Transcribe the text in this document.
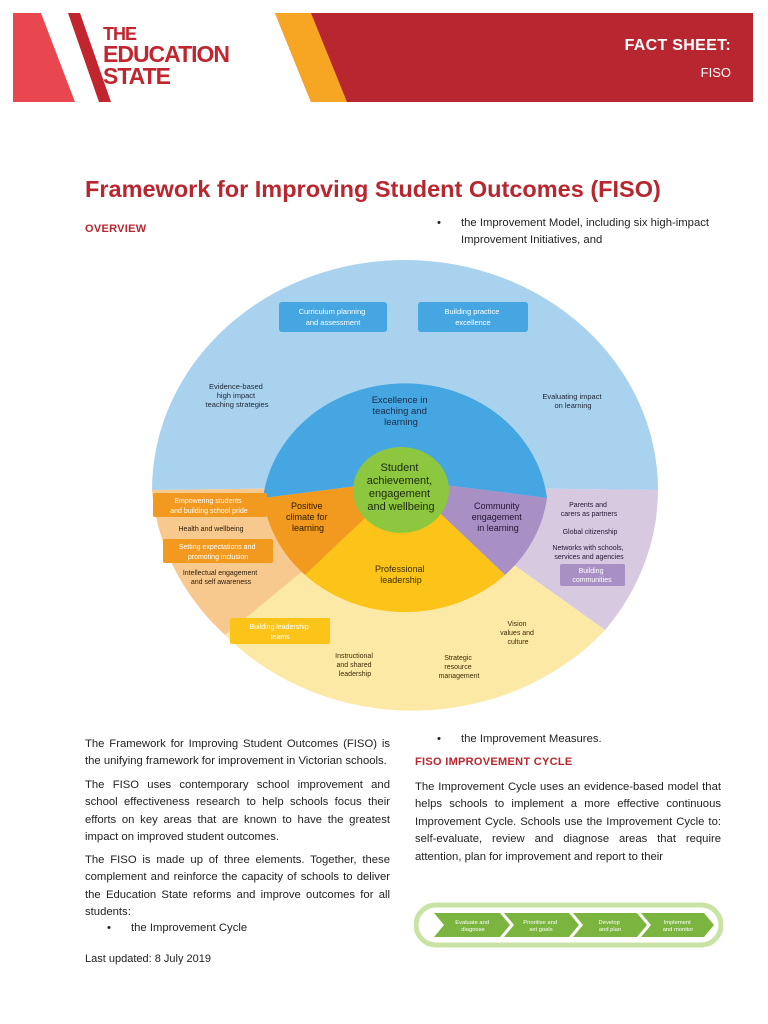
THE
EDUCATION
STATE
FACT SHEET:
FISO
Framework for Improving Student Outcomes (FISO)
OVERVIEW	• the Improvement Model, including six high-impact Improvement Initiatives, and
Student achievement, engagement and wellbeing
Excellence in teaching and learning
Positive climate for learning
Community engagement in learning
Professional leadership
Curriculum planning and assessment
Building practice excellence
Evidence-based high impact teaching strategies
Evaluating impact on learning
Empowering students and building school pride
Health and wellbeing
Setting expectations and promoting inclusion
Intellectual engagement and self awareness
Parents and carers as partners
Global citizenship
Networks with schools, services and agencies
Building communities
Building leadership teams
Instructional and shared leadership
Strategic resource management
Vision values and culture
The Framework for Improving Student Outcomes (FISO) is the unifying framework for improvement in Victorian schools.
The FISO uses contemporary school improvement and school effectiveness research to help schools focus their efforts on key areas that are known to have the greatest impact on improved student outcomes.
The FISO is made up of three elements. Together, these complement and reinforce the capacity of schools to deliver the Education State reforms and improve outcomes for all students:
• the Improvement Cycle
• the Improvement Measures.
FISO IMPROVEMENT CYCLE
The Improvement Cycle uses an evidence-based model that helps schools to implement a more effective continuous Improvement Cycle. Schools use the Improvement Cycle to: self-evaluate, review and diagnose areas that require attention, plan for improvement and report to their
Evaluate and diagnose
Prioritise and set goals
Develop and plan
Implement and monitor
Last updated: 8 July 2019
